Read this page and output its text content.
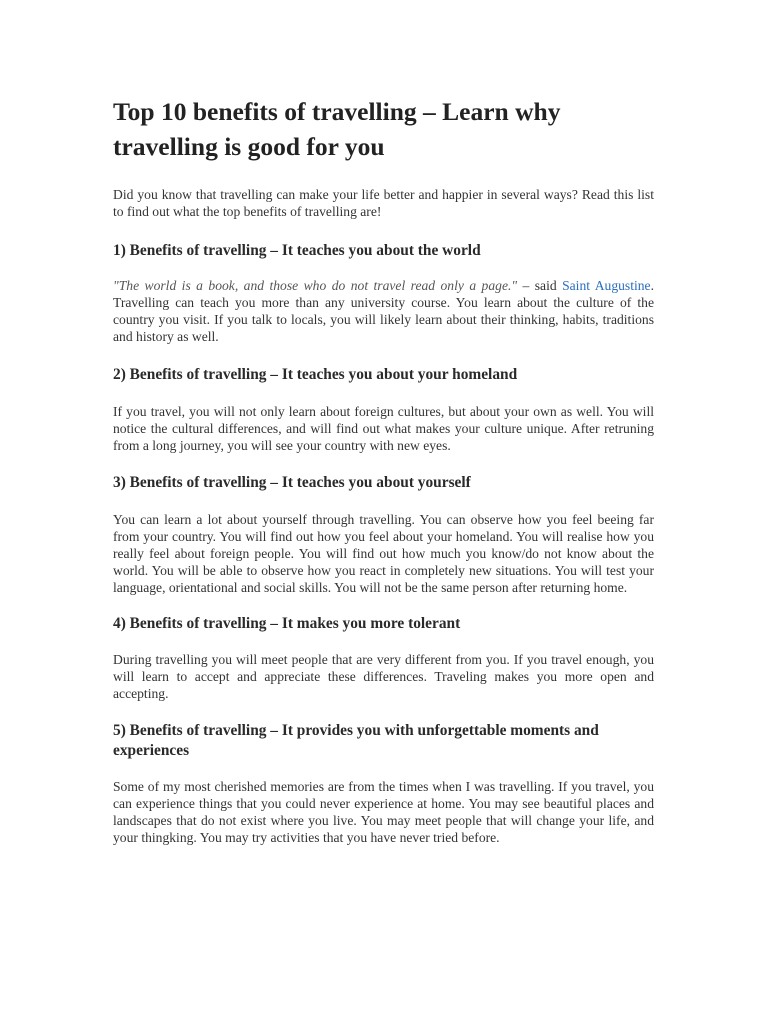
Top 10 benefits of travelling – Learn why travelling is good for you

Did you know that travelling can make your life better and happier in several ways? Read this list to find out what the top benefits of travelling are!

1) Benefits of travelling – It teaches you about the world

"The world is a book, and those who do not travel read only a page." – said Saint Augustine. Travelling can teach you more than any university course. You learn about the culture of the country you visit. If you talk to locals, you will likely learn about their thinking, habits, traditions and history as well.

2) Benefits of travelling – It teaches you about your homeland

If you travel, you will not only learn about foreign cultures, but about your own as well. You will notice the cultural differences, and will find out what makes your culture unique. After retruning from a long journey, you will see your country with new eyes.

3) Benefits of travelling – It teaches you about yourself

You can learn a lot about yourself through travelling. You can observe how you feel beeing far from your country. You will find out how you feel about your homeland. You will realise how you really feel about foreign people. You will find out how much you know/do not know about the world. You will be able to observe how you react in completely new situations. You will test your language, orientational and social skills. You will not be the same person after returning home.

4) Benefits of travelling – It makes you more tolerant

During travelling you will meet people that are very different from you. If you travel enough, you will learn to accept and appreciate these differences. Traveling makes you more open and accepting.

5) Benefits of travelling – It provides you with unforgettable moments and experiences

Some of my most cherished memories are from the times when I was travelling. If you travel, you can experience things that you could never experience at home. You may see beautiful places and landscapes that do not exist where you live. You may meet people that will change your life, and your thingking. You may try activities that you have never tried before.
